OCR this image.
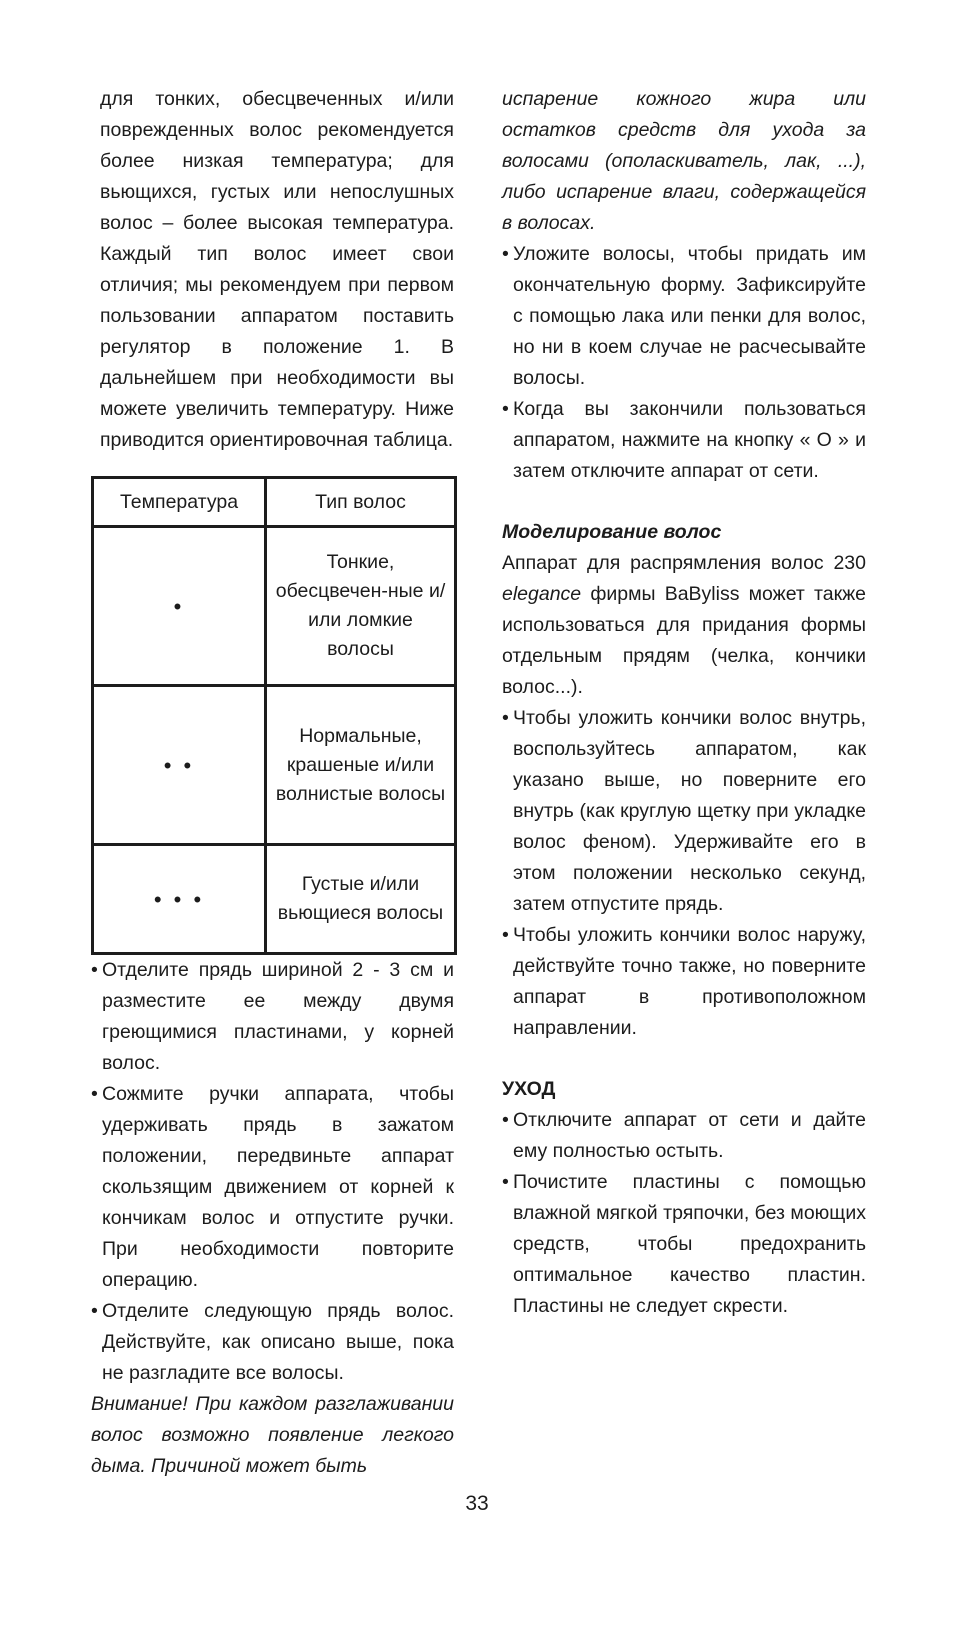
для тонких, обесцвеченных и/или поврежденных волос рекомендуется более низкая температура; для вьющихся, густых или непослушных волос – более высокая температура. Каждый тип волос имеет свои отличия; мы рекомендуем при первом пользовании аппаратом поставить регулятор в положение 1. В дальнейшем при необходимости вы можете увеличить температуру. Ниже приводится ориентировочная таблица.

Температура	Тип волос
•	Тонкие, обесцвечен-ные и/или ломкие волосы
• •	Нормальные, крашеные и/или волнистые волосы
• • •	Густые и/или вьющиеся волосы
• Отделите прядь шириной 2 - 3 см и разместите ее между двумя греющимися пластинами, у корней волос.
• Сожмите ручки аппарата, чтобы удерживать прядь в зажатом положении, передвиньте аппарат скользящим движением от корней к кончикам волос и отпустите ручки. При необходимости повторите операцию.
• Отделите следующую прядь волос. Действуйте, как описано выше, пока не разгладите все волосы.

Внимание! При каждом разглаживании волос возможно появление легкого дыма. Причиной может быть

испарение кожного жира или остатков средств для ухода за волосами (ополаскиватель, лак, ...), либо испарение влаги, содержащейся в волосах.

• Уложите волосы, чтобы придать им окончательную форму. Зафиксируйте с помощью лака или пенки для волос, но ни в коем случае не расчесывайте волосы.
• Когда вы закончили пользоваться аппаратом, нажмите на кнопку « O » и затем отключите аппарат от сети.
Моделирование волос

Аппарат для распрямления волос 230 elegance фирмы BaByliss может также использоваться для придания формы отдельным прядям (челка, кончики волос...).

• Чтобы уложить кончики волос внутрь, воспользуйтесь аппаратом, как указано выше, но поверните его внутрь (как круглую щетку при укладке волос феном). Удерживайте его в этом положении несколько секунд, затем отпустите прядь.
• Чтобы уложить кончики волос наружу, действуйте точно также, но поверните аппарат в противоположном направлении.
УХОД
• Отключите аппарат от сети и дайте ему полностью остыть.
• Почистите пластины с помощью влажной мягкой тряпочки, без моющих средств, чтобы предохранить оптимальное качество пластин. Пластины не следует скрести.
33
